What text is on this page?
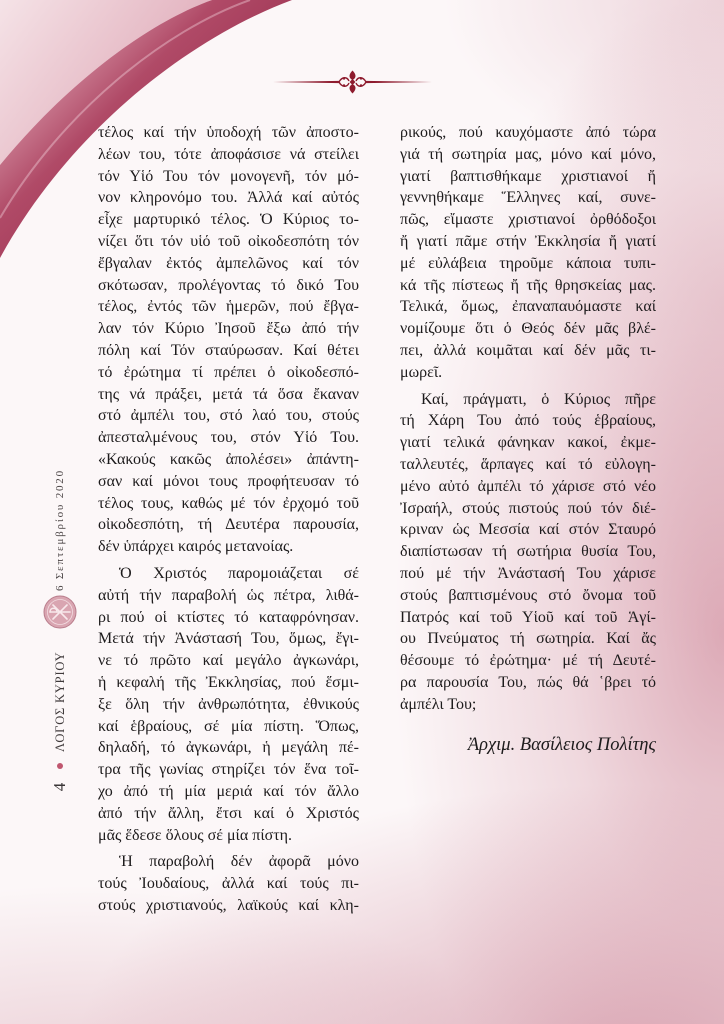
4
ΛΟΓΟΣ ΚΥΡΙΟΥ
6 Σεπτεμβρίου 2020
τέλος καί τήν ὑποδοχή τῶν ἀποστο-
λέων του, τότε ἀποφάσισε νά στείλει
τόν Υἱό Του τόν μονογενῆ, τόν μό-
νον κληρονόμο του. Ἀλλά καί αὐτός
εἶχε μαρτυρικό τέλος. Ὁ Κύριος το-
νίζει ὅτι τόν υἱό τοῦ οἰκοδεσπότη τόν
ἔβγαλαν ἐκτός ἀμπελῶνος καί τόν
σκότωσαν, προλέγοντας τό δικό Του
τέλος, ἐντός τῶν ἡμερῶν, πού ἔβγα-
λαν τόν Κύριο Ἰησοῦ ἔξω ἀπό τήν
πόλη καί Τόν σταύρωσαν. Καί θέτει
τό ἐρώτημα τί πρέπει ὁ οἰκοδεσπό-
της νά πράξει, μετά τά ὅσα ἔκαναν
στό ἀμπέλι του, στό λαό του, στούς
ἀπεσταλμένους του, στόν Υἱό Του.
«Κακούς κακῶς ἀπολέσει» ἀπάντη-
σαν καί μόνοι τους προφήτευσαν τό
τέλος τους, καθώς μέ τόν ἐρχομό τοῦ
οἰκοδεσπότη, τή Δευτέρα παρουσία,
δέν ὑπάρχει καιρός μετανοίας.
Ὁ Χριστός παρομοιάζεται σέ
αὐτή τήν παραβολή ὡς πέτρα, λιθά-
ρι πού οἱ κτίστες τό καταφρόνησαν.
Μετά τήν Ἀνάστασή Του, ὅμως, ἔγι-
νε τό πρῶτο καί μεγάλο ἀγκωνάρι,
ἡ κεφαλή τῆς Ἐκκλησίας, πού ἕσμι-
ξε ὅλη τήν ἀνθρωπότητα, ἐθνικούς
καί ἑβραίους, σέ μία πίστη. Ὅπως,
δηλαδή, τό ἀγκωνάρι, ἡ μεγάλη πέ-
τρα τῆς γωνίας στηρίζει τόν ἕνα τοῖ-
χο ἀπό τή μία μεριά καί τόν ἄλλο
ἀπό τήν ἄλλη, ἔτσι καί ὁ Χριστός
μᾶς ἕδεσε ὅλους σέ μία πίστη.
Ἡ παραβολή δέν ἀφορᾶ μόνο
τούς Ἰουδαίους, ἀλλά καί τούς πι-
στούς χριστιανούς, λαϊκούς καί κλη-
ρικούς, πού καυχόμαστε ἀπό τώρα
γιά τή σωτηρία μας, μόνο καί μόνο,
γιατί βαπτισθήκαμε χριστιανοί ἤ
γεννηθήκαμε Ἕλληνες καί, συνε-
πῶς, εἴμαστε χριστιανοί ὀρθόδοξοι
ἤ γιατί πᾶμε στήν Ἐκκλησία ἤ γιατί
μέ εὐλάβεια τηροῦμε κάποια τυπι-
κά τῆς πίστεως ἤ τῆς θρησκείας μας.
Τελικά, ὅμως, ἐπαναπαυόμαστε καί
νομίζουμε ὅτι ὁ Θεός δέν μᾶς βλέ-
πει, ἀλλά κοιμᾶται καί δέν μᾶς τι-
μωρεῖ.
Καί, πράγματι, ὁ Κύριος πῆρε
τή Χάρη Του ἀπό τούς ἑβραίους,
γιατί τελικά φάνηκαν κακοί, ἐκμε-
ταλλευτές, ἅρπαγες καί τό εὐλογη-
μένο αὐτό ἀμπέλι τό χάρισε στό νέο
Ἰσραήλ, στούς πιστούς πού τόν διέ-
κριναν ὡς Μεσσία καί στόν Σταυρό
διαπίστωσαν τή σωτήρια θυσία Του,
πού μέ τήν Ἀνάστασή Του χάρισε
στούς βαπτισμένους στό ὄνομα τοῦ
Πατρός καί τοῦ Υἱοῦ καί τοῦ Ἁγί-
ου Πνεύματος τή σωτηρία. Καί ἄς
θέσουμε τό ἐρώτημα· μέ τή Δευτέ-
ρα παρουσία Του, πώς θά ῾βρει τό
ἀμπέλι Του;
Ἀρχιμ. Βασίλειος Πολίτης
